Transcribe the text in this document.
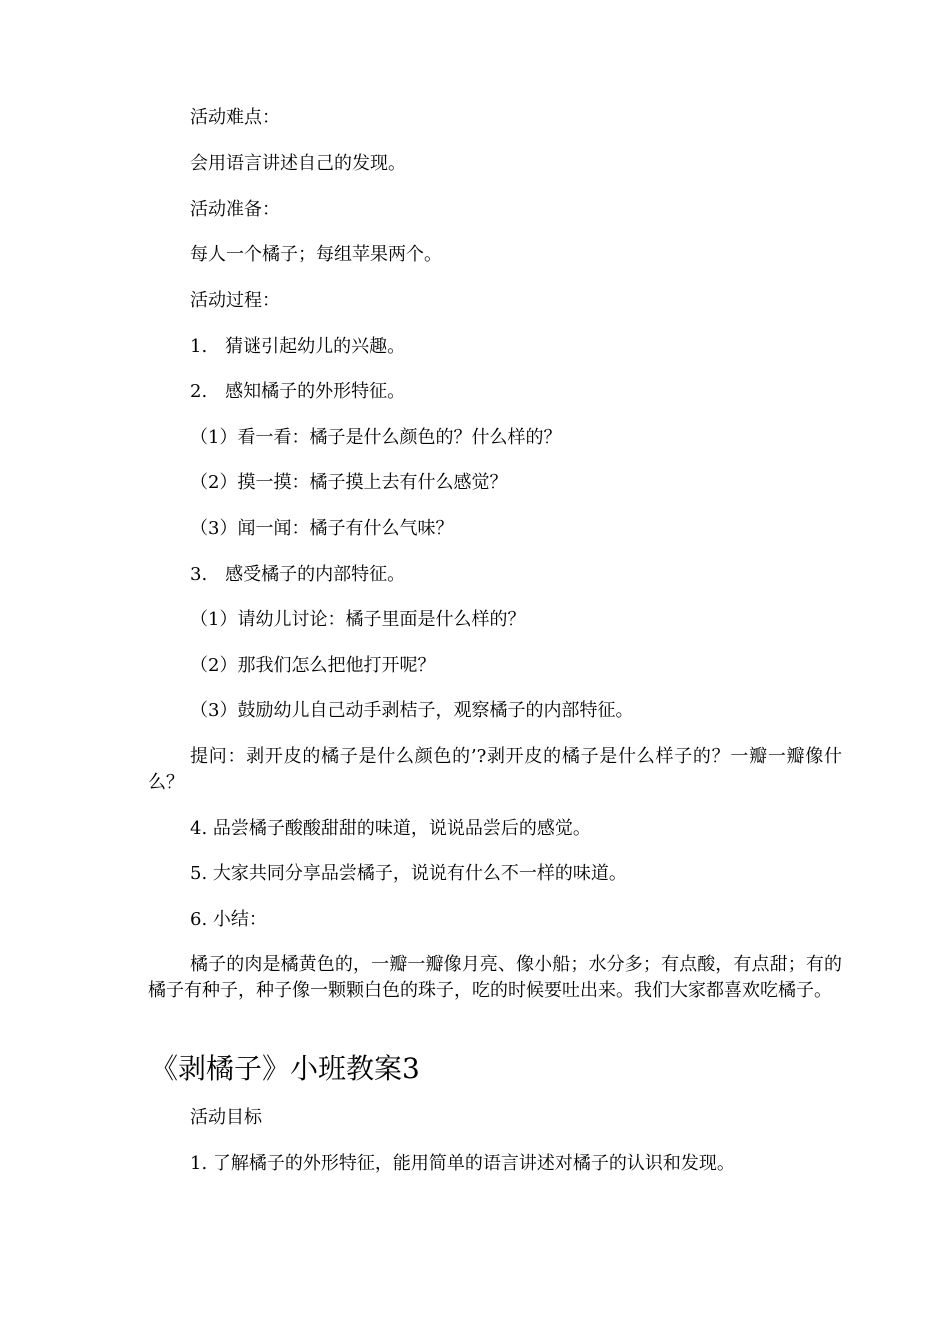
活动难点：

会用语言讲述自己的发现。

活动准备：

每人一个橘子；每组苹果两个。

活动过程：

1.　猜谜引起幼儿的兴趣。

2.　感知橘子的外形特征。

（1）看一看：橘子是什么颜色的？什么样的？

（2）摸一摸：橘子摸上去有什么感觉？

（3）闻一闻：橘子有什么气味？

3.　感受橘子的内部特征。

（1）请幼儿讨论：橘子里面是什么样的？

（2）那我们怎么把他打开呢？

（3）鼓励幼儿自己动手剥桔子，观察橘子的内部特征。

提问：剥开皮的橘子是什么颜色的’?剥开皮的橘子是什么样子的？一瓣一瓣像什么？

4. 品尝橘子酸酸甜甜的味道，说说品尝后的感觉。

5. 大家共同分享品尝橘子，说说有什么不一样的味道。

6. 小结：

橘子的肉是橘黄色的，一瓣一瓣像月亮、像小船；水分多；有点酸，有点甜；有的橘子有种子，种子像一颗颗白色的珠子，吃的时候要吐出来。我们大家都喜欢吃橘子。

《剥橘子》小班教案3

活动目标

1. 了解橘子的外形特征，能用简单的语言讲述对橘子的认识和发现。
